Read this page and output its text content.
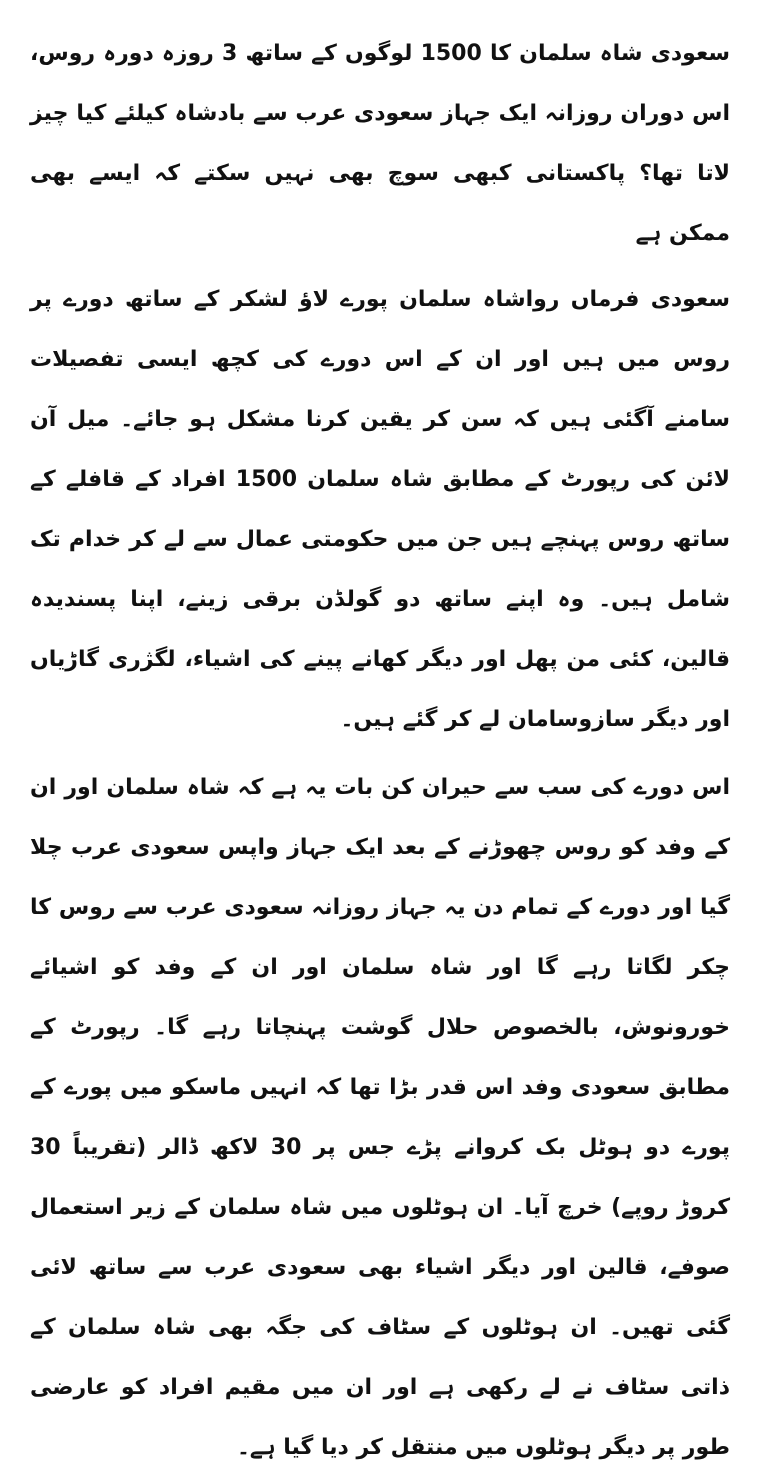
سعودی شاہ سلمان کا 1500 لوگوں کے ساتھ 3 روزہ دورہ روس، اس دوران روزانہ ایک جہاز سعودی عرب سے بادشاہ کیلئے کیا چیز لاتا تھا؟ پاکستانی کبھی سوچ بھی نہیں سکتے کہ ایسے بھی ممکن ہے

سعودی فرماں رواشاہ سلمان پورے لاؤ لشکر کے ساتھ دورے پر روس میں ہیں اور ان کے اس دورے کی کچھ ایسی تفصیلات سامنے آگئی ہیں کہ سن کر یقین کرنا مشکل ہو جائے۔ میل آن لائن کی رپورٹ کے مطابق شاہ سلمان 1500 افراد کے قافلے کے ساتھ روس پہنچے ہیں جن میں حکومتی عمال سے لے کر خدام تک شامل ہیں۔ وہ اپنے ساتھ دو گولڈن برقی زینے، اپنا پسندیدہ قالین، کئی من پھل اور دیگر کھانے پینے کی اشیاء، لگژری گاڑیاں اور دیگر سازوسامان لے کر گئے ہیں۔

اس دورے کی سب سے حیران کن بات یہ ہے کہ شاہ سلمان اور ان کے وفد کو روس چھوڑنے کے بعد ایک جہاز واپس سعودی عرب چلا گیا اور دورے کے تمام دن یہ جہاز روزانہ سعودی عرب سے روس کا چکر لگاتا رہے گا اور شاہ سلمان اور ان کے وفد کو اشیائے خورونوش، بالخصوص حلال گوشت پہنچاتا رہے گا۔ رپورٹ کے مطابق سعودی وفد اس قدر بڑا تھا کہ انہیں ماسکو میں پورے کے پورے دو ہوٹل بک کروانے پڑے جس پر 30 لاکھ ڈالر (تقریباً 30 کروڑ روپے) خرچ آیا۔ ان ہوٹلوں میں شاہ سلمان کے زیر استعمال صوفے، قالین اور دیگر اشیاء بھی سعودی عرب سے ساتھ لائی گئی تھیں۔ ان ہوٹلوں کے سٹاف کی جگہ بھی شاہ سلمان کے ذاتی سٹاف نے لے رکھی ہے اور ان میں مقیم افراد کو عارضی طور پر دیگر ہوٹلوں میں منتقل کر دیا گیا ہے۔
